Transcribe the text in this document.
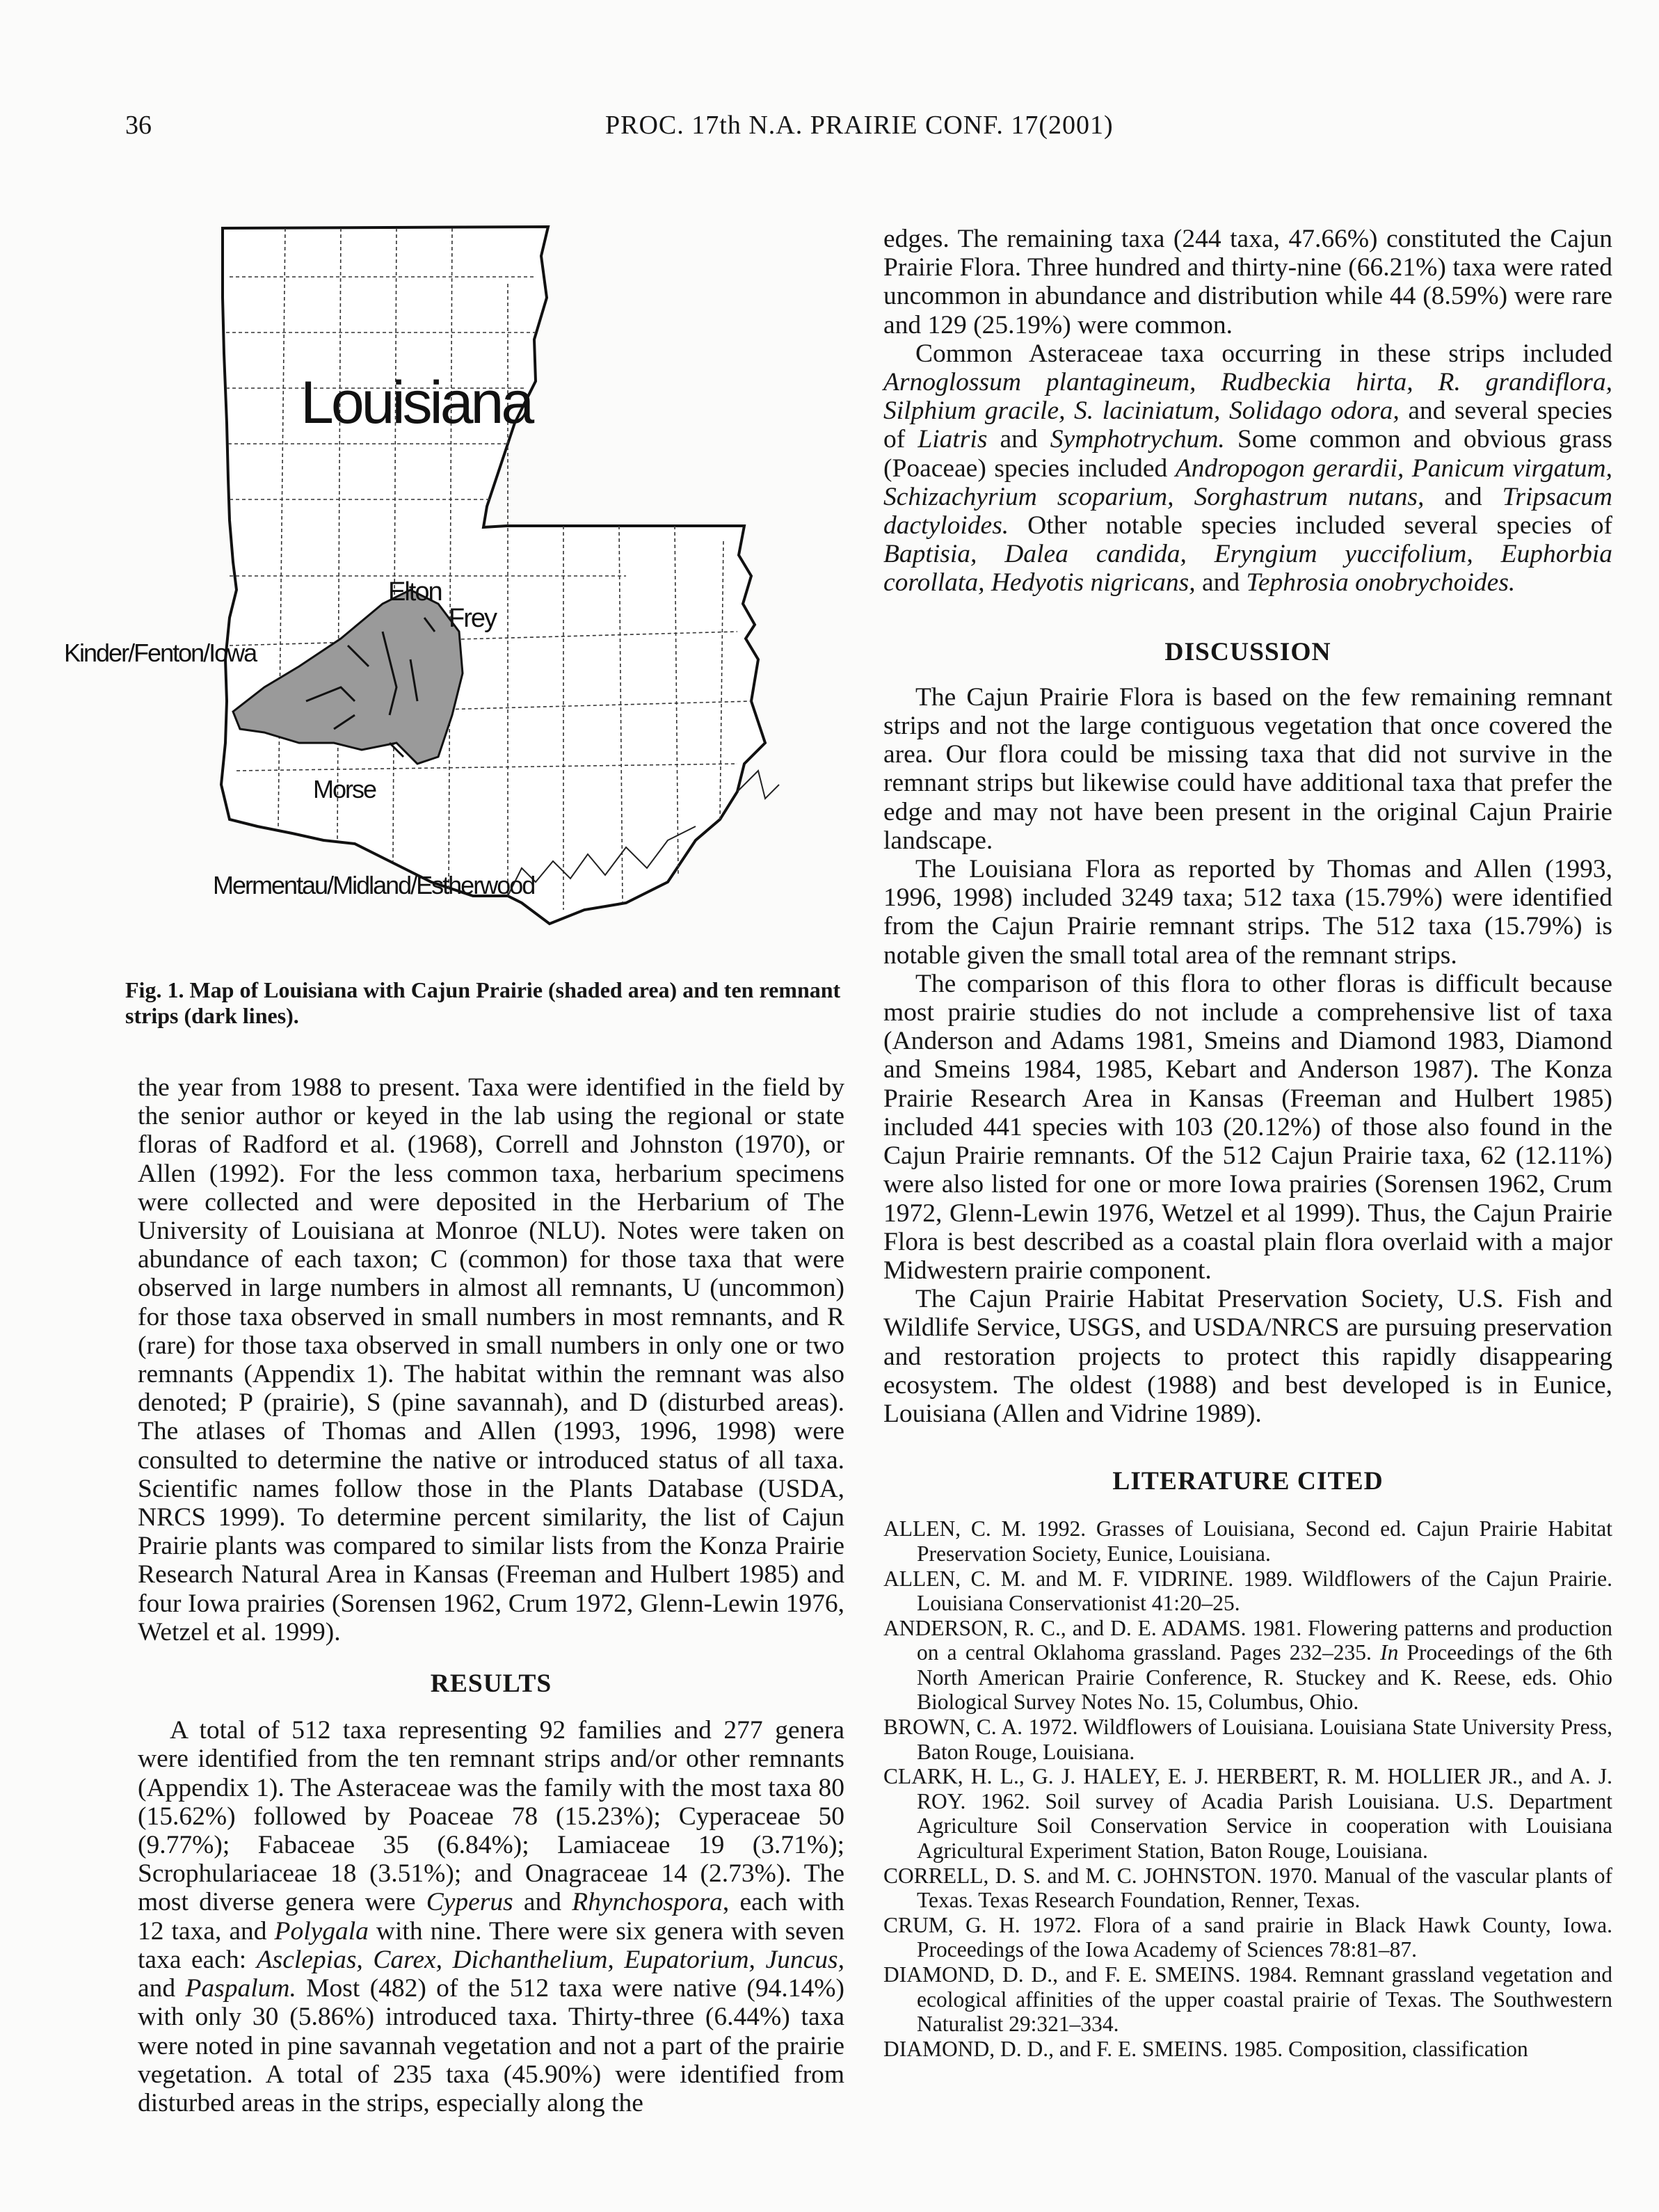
36	PROC. 17th N.A. PRAIRIE CONF. 17(2001)
Louisiana
Elton
Frey
Kinder/Fenton/Iowa
Morse
Mermentau/Midland/Estherwood
Fig. 1. Map of Louisiana with Cajun Prairie (shaded area) and ten remnant strips (dark lines).

the year from 1988 to present. Taxa were identified in the field by the senior author or keyed in the lab using the regional or state floras of Radford et al. (1968), Correll and Johnston (1970), or Allen (1992). For the less common taxa, herbarium specimens were collected and were deposited in the Herbarium of The University of Louisiana at Monroe (NLU). Notes were taken on abundance of each taxon; C (common) for those taxa that were observed in large numbers in almost all remnants, U (uncommon) for those taxa observed in small numbers in most remnants, and R (rare) for those taxa observed in small numbers in only one or two remnants (Appendix 1). The habitat within the remnant was also denoted; P (prairie), S (pine savannah), and D (disturbed areas). The atlases of Thomas and Allen (1993, 1996, 1998) were consulted to determine the native or introduced status of all taxa. Scientific names follow those in the Plants Database (USDA, NRCS 1999). To determine percent similarity, the list of Cajun Prairie plants was compared to similar lists from the Konza Prairie Research Natural Area in Kansas (Freeman and Hulbert 1985) and four Iowa prairies (Sorensen 1962, Crum 1972, Glenn-Lewin 1976, Wetzel et al. 1999).

RESULTS

A total of 512 taxa representing 92 families and 277 genera were identified from the ten remnant strips and/or other remnants (Appendix 1). The Asteraceae was the family with the most taxa 80 (15.62%) followed by Poaceae 78 (15.23%); Cyperaceae 50 (9.77%); Fabaceae 35 (6.84%); Lamiaceae 19 (3.71%); Scrophulariaceae 18 (3.51%); and Onagraceae 14 (2.73%). The most diverse genera were Cyperus and Rhynchospora, each with 12 taxa, and Polygala with nine. There were six genera with seven taxa each: Asclepias, Carex, Dichanthelium, Eupatorium, Juncus, and Paspalum. Most (482) of the 512 taxa were native (94.14%) with only 30 (5.86%) introduced taxa. Thirty-three (6.44%) taxa were noted in pine savannah vegetation and not a part of the prairie vegetation. A total of 235 taxa (45.90%) were identified from disturbed areas in the strips, especially along the

edges. The remaining taxa (244 taxa, 47.66%) constituted the Cajun Prairie Flora. Three hundred and thirty-nine (66.21%) taxa were rated uncommon in abundance and distribution while 44 (8.59%) were rare and 129 (25.19%) were common.

Common Asteraceae taxa occurring in these strips included Arnoglossum plantagineum, Rudbeckia hirta, R. grandiflora, Silphium gracile, S. laciniatum, Solidago odora, and several species of Liatris and Symphotrychum. Some common and obvious grass (Poaceae) species included Andropogon gerardii, Panicum virgatum, Schizachyrium scoparium, Sorghastrum nutans, and Tripsacum dactyloides. Other notable species included several species of Baptisia, Dalea candida, Eryngium yuccifolium, Euphorbia corollata, Hedyotis nigricans, and Tephrosia onobrychoides.

DISCUSSION

The Cajun Prairie Flora is based on the few remaining remnant strips and not the large contiguous vegetation that once covered the area. Our flora could be missing taxa that did not survive in the remnant strips but likewise could have additional taxa that prefer the edge and may not have been present in the original Cajun Prairie landscape.

The Louisiana Flora as reported by Thomas and Allen (1993, 1996, 1998) included 3249 taxa; 512 taxa (15.79%) were identified from the Cajun Prairie remnant strips. The 512 taxa (15.79%) is notable given the small total area of the remnant strips.

The comparison of this flora to other floras is difficult because most prairie studies do not include a comprehensive list of taxa (Anderson and Adams 1981, Smeins and Diamond 1983, Diamond and Smeins 1984, 1985, Kebart and Anderson 1987). The Konza Prairie Research Area in Kansas (Freeman and Hulbert 1985) included 441 species with 103 (20.12%) of those also found in the Cajun Prairie remnants. Of the 512 Cajun Prairie taxa, 62 (12.11%) were also listed for one or more Iowa prairies (Sorensen 1962, Crum 1972, Glenn-Lewin 1976, Wetzel et al 1999). Thus, the Cajun Prairie Flora is best described as a coastal plain flora overlaid with a major Midwestern prairie component.

The Cajun Prairie Habitat Preservation Society, U.S. Fish and Wildlife Service, USGS, and USDA/NRCS are pursuing preservation and restoration projects to protect this rapidly disappearing ecosystem. The oldest (1988) and best developed is in Eunice, Louisiana (Allen and Vidrine 1989).

LITERATURE CITED

ALLEN, C. M. 1992. Grasses of Louisiana, Second ed. Cajun Prairie Habitat Preservation Society, Eunice, Louisiana.

ALLEN, C. M. and M. F. VIDRINE. 1989. Wildflowers of the Cajun Prairie. Louisiana Conservationist 41:20–25.

ANDERSON, R. C., and D. E. ADAMS. 1981. Flowering patterns and production on a central Oklahoma grassland. Pages 232–235. In Proceedings of the 6th North American Prairie Conference, R. Stuckey and K. Reese, eds. Ohio Biological Survey Notes No. 15, Columbus, Ohio.

BROWN, C. A. 1972. Wildflowers of Louisiana. Louisiana State University Press, Baton Rouge, Louisiana.

CLARK, H. L., G. J. HALEY, E. J. HERBERT, R. M. HOLLIER JR., and A. J. ROY. 1962. Soil survey of Acadia Parish Louisiana. U.S. Department Agriculture Soil Conservation Service in cooperation with Louisiana Agricultural Experiment Station, Baton Rouge, Louisiana.

CORRELL, D. S. and M. C. JOHNSTON. 1970. Manual of the vascular plants of Texas. Texas Research Foundation, Renner, Texas.

CRUM, G. H. 1972. Flora of a sand prairie in Black Hawk County, Iowa. Proceedings of the Iowa Academy of Sciences 78:81–87.

DIAMOND, D. D., and F. E. SMEINS. 1984. Remnant grassland vegetation and ecological affinities of the upper coastal prairie of Texas. The Southwestern Naturalist 29:321–334.

DIAMOND, D. D., and F. E. SMEINS. 1985. Composition, classification
